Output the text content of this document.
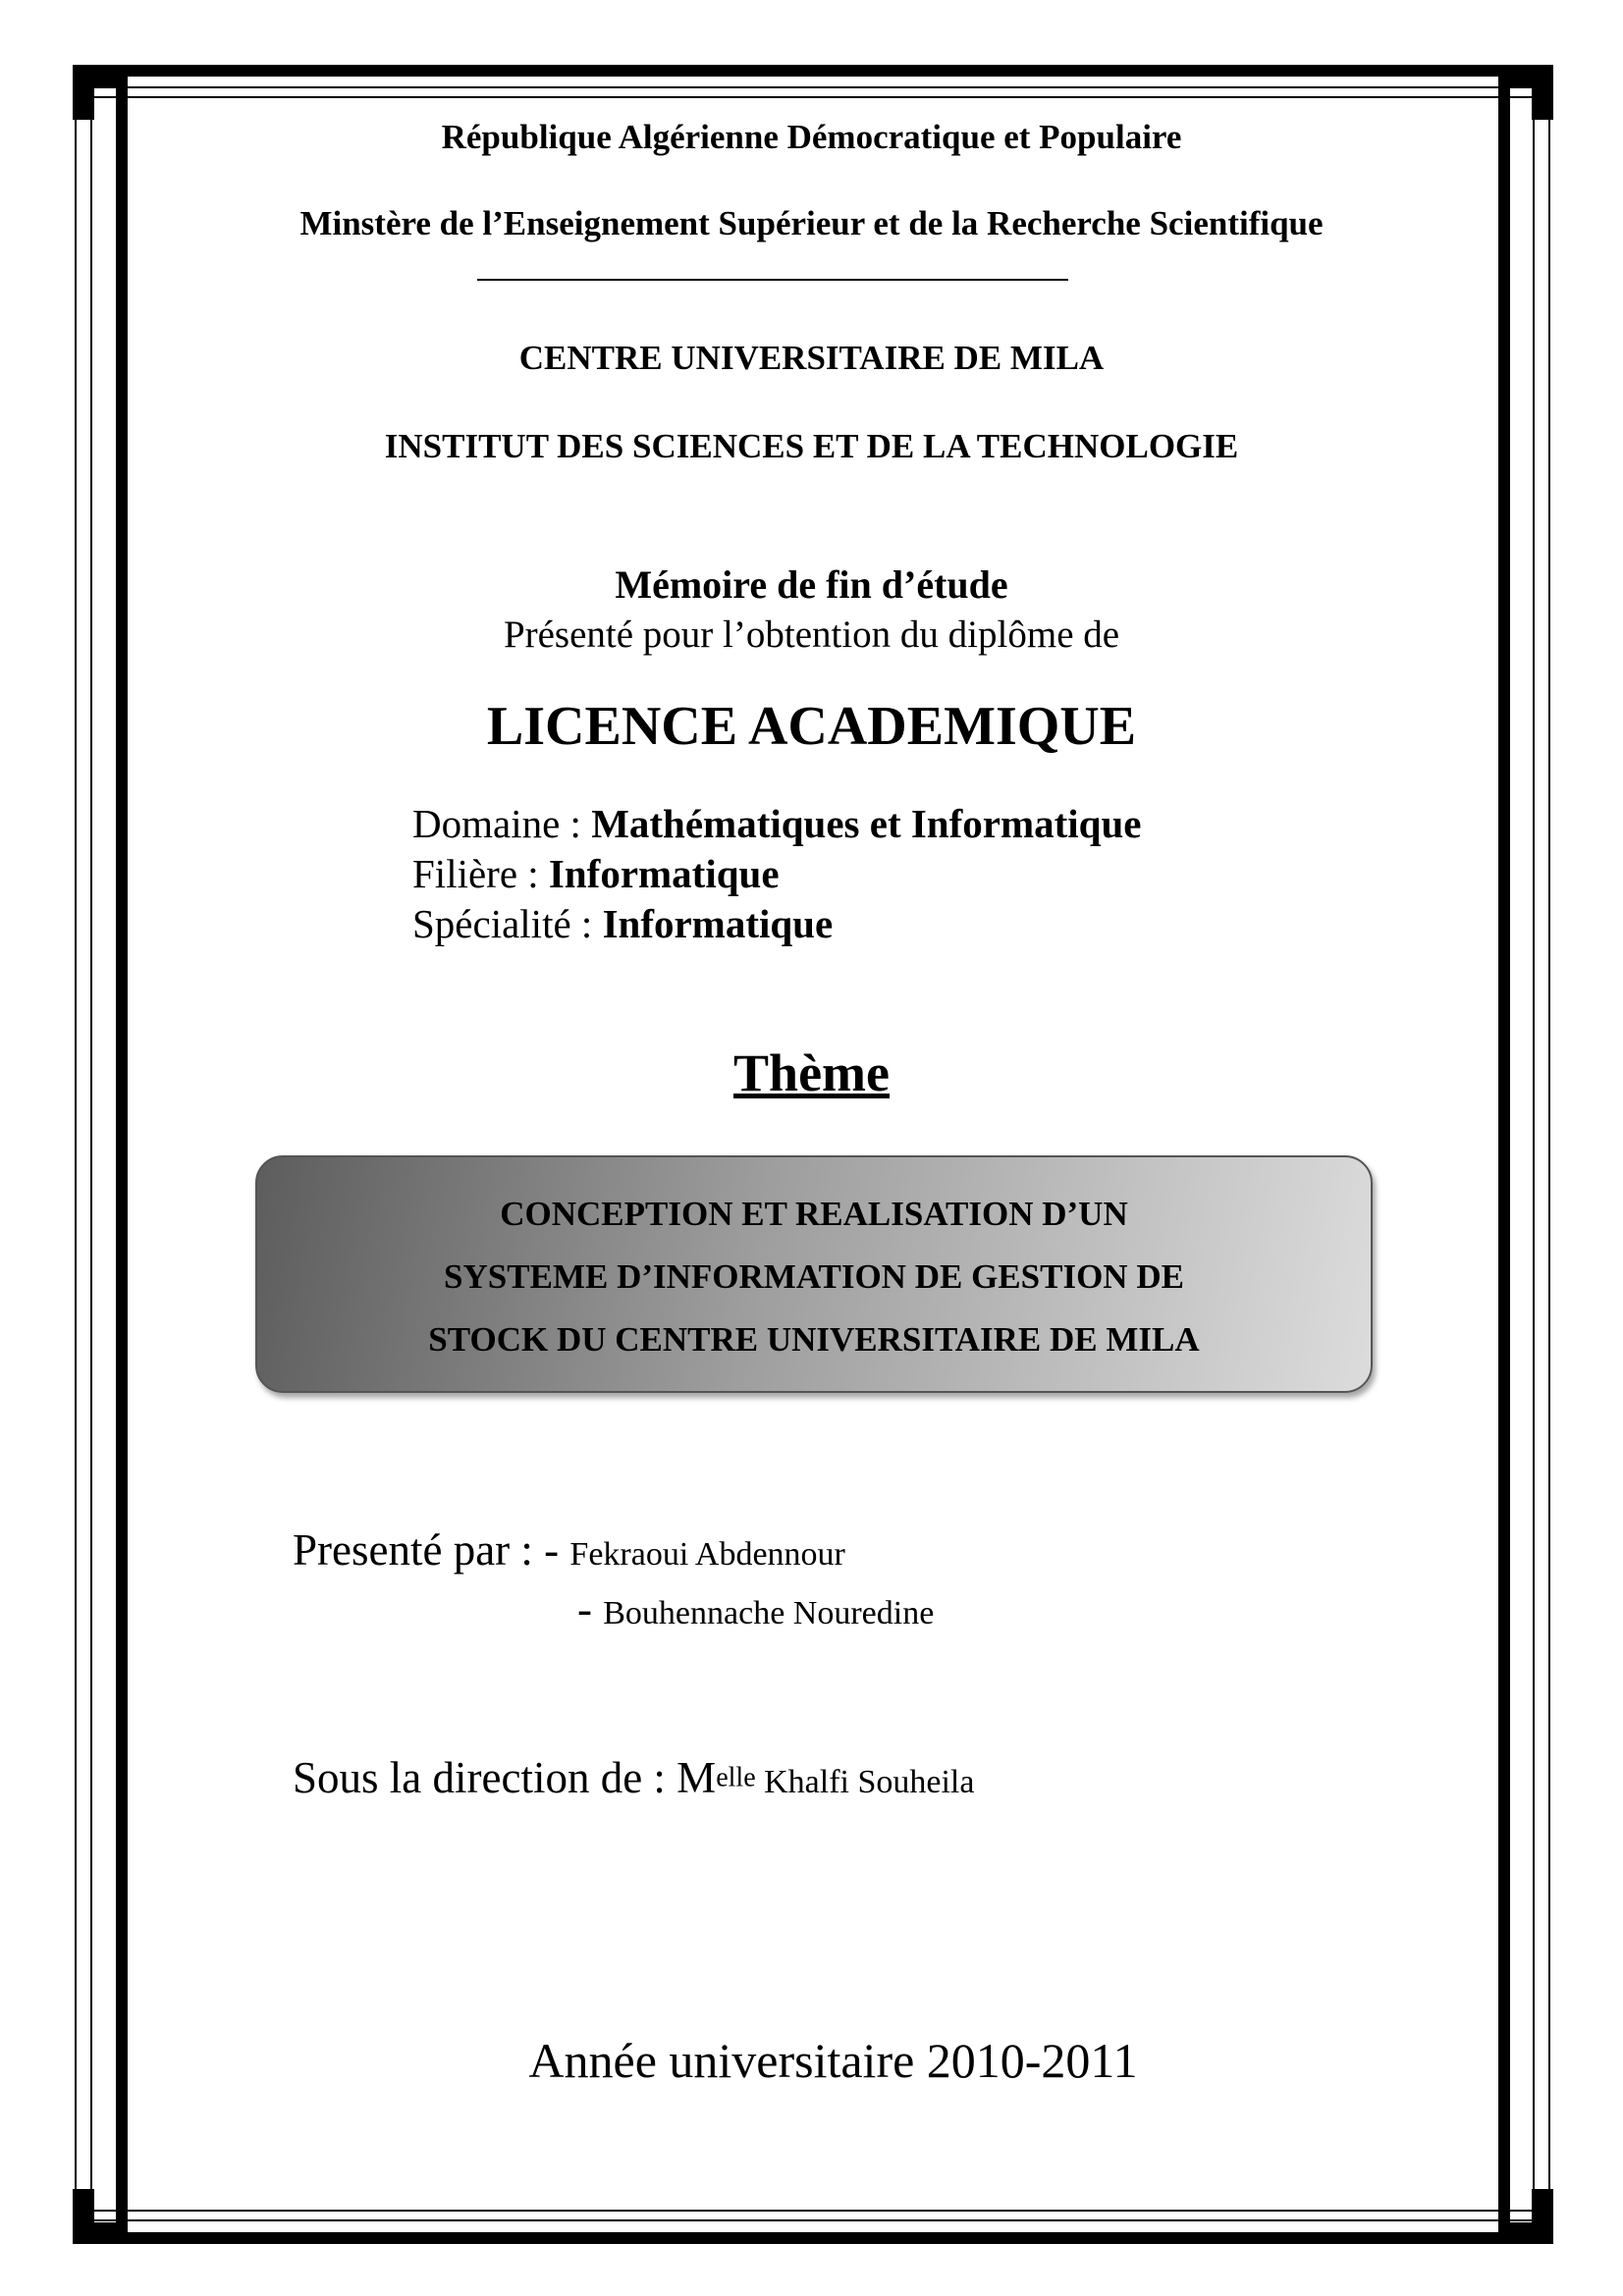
République Algérienne Démocratique et Populaire
Minstère de l’Enseignement Supérieur et de la Recherche Scientifique
CENTRE UNIVERSITAIRE DE MILA
INSTITUT DES SCIENCES ET DE LA TECHNOLOGIE
Mémoire de fin d’étude
Présenté pour l’obtention du diplôme de
LICENCE ACADEMIQUE
Domaine : Mathématiques et Informatique
Filière : Informatique
Spécialité : Informatique
Thème
CONCEPTION ET REALISATION D’UN
SYSTEME D’INFORMATION DE GESTION DE
STOCK DU CENTRE UNIVERSITAIRE DE MILA
Presenté par : - Fekraoui Abdennour
- Bouhennache Nouredine
Sous la direction de : $M^{elle}$ Khalfi Souheila
Année universitaire 2010-2011
